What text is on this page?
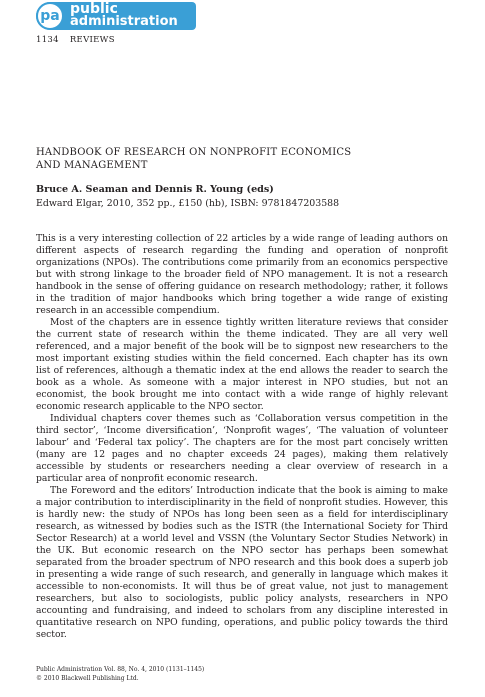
pa public
administration
1134 REVIEWS
HANDBOOK OF RESEARCH ON NONPROFIT ECONOMICS
AND MANAGEMENT
Bruce A. Seaman and Dennis R. Young (eds)
Edward Elgar, 2010, 352 pp., £150 (hb), ISBN: 9781847203588

This is a very interesting collection of 22 articles by a wide range of leading authors on different aspects of research regarding the funding and operation of nonprofit organizations (NPOs). The contributions come primarily from an economics perspective but with strong linkage to the broader field of NPO management. It is not a research handbook in the sense of offering guidance on research methodology; rather, it follows in the tradition of major handbooks which bring together a wide range of existing research in an accessible compendium.

Most of the chapters are in essence tightly written literature reviews that consider the current state of research within the theme indicated. They are all very well referenced, and a major benefit of the book will be to signpost new researchers to the most important existing studies within the field concerned. Each chapter has its own list of references, although a thematic index at the end allows the reader to search the book as a whole. As someone with a major interest in NPO studies, but not an economist, the book brought me into contact with a wide range of highly relevant economic research applicable to the NPO sector.

Individual chapters cover themes such as ‘Collaboration versus competition in the third sector’, ‘Income diversification’, ‘Nonprofit wages’, ‘The valuation of volunteer labour’ and ‘Federal tax policy’. The chapters are for the most part concisely written (many are 12 pages and no chapter exceeds 24 pages), making them relatively accessible by students or researchers needing a clear overview of research in a particular area of nonprofit economic research.

The Foreword and the editors’ Introduction indicate that the book is aiming to make a major contribution to interdisciplinarity in the field of nonprofit studies. However, this is hardly new: the study of NPOs has long been seen as a field for interdisciplinary research, as witnessed by bodies such as the ISTR (the International Society for Third Sector Research) at a world level and VSSN (the Voluntary Sector Studies Network) in the UK. But economic research on the NPO sector has perhaps been somewhat separated from the broader spectrum of NPO research and this book does a superb job in presenting a wide range of such research, and generally in language which makes it accessible to non-economists. It will thus be of great value, not just to management researchers, but also to sociologists, public policy analysts, researchers in NPO accounting and fundraising, and indeed to scholars from any discipline interested in quantitative research on NPO funding, operations, and public policy towards the third sector.

Public Administration Vol. 88, No. 4, 2010 (1131–1145)
© 2010 Blackwell Publishing Ltd.
